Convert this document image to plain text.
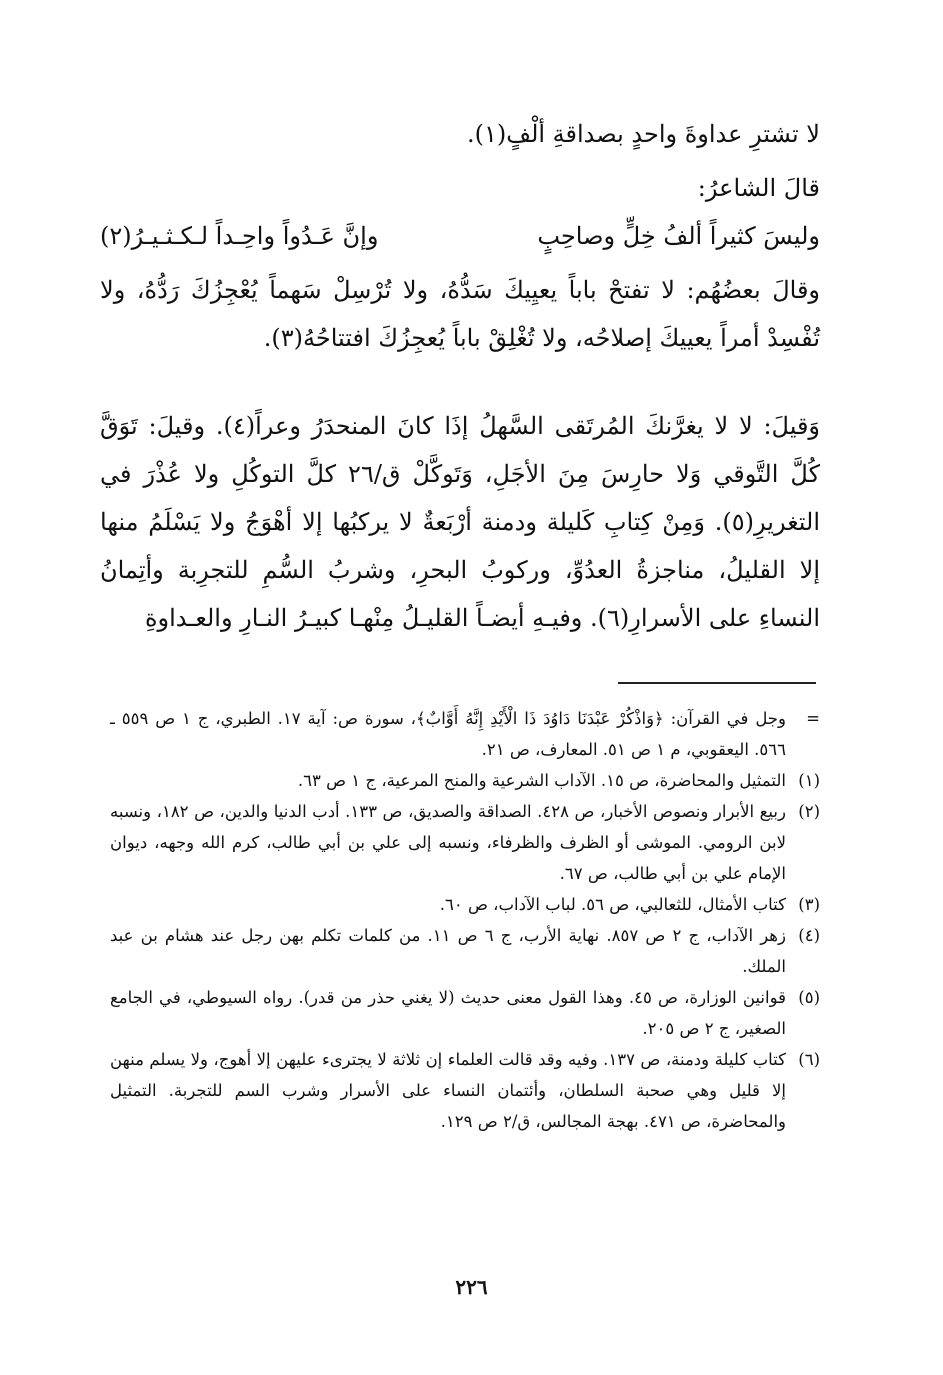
لا تشترِ عداوةَ واحدٍ بصداقةِ ألْفٍ(١).

قالَ الشاعرُ:

وليسَ كثيراً ألفُ خِلٍّ وصاحِبٍ
وإنَّ عَـدُواً واحِـداً لـكـثـيـرُ(٢)

وقالَ بعضُهُم: لا تفتحْ باباً يعيِيكَ سَدُّهُ، ولا تُرْسِلْ سَهماً يُعْجِزُكَ رَدُّهُ، ولا تُفْسِدْ أمراً يعييكَ إصلاحُه، ولا تُغْلِقْ باباً يُعجِزُكَ افتتاحُهُ(٣).

وَقيلَ: لا لا يغرَّنكَ المُرتَقى السَّهلُ إذَا كانَ المنحدَرُ وعراً(٤). وقيلَ: تَوَقَّ كُلَّ التَّوقي وَلا حارِسَ مِنَ الأجَلِ، وَتَوكَّلْ ق/٢٦ كلَّ التوكُلِ ولا عُذْرَ في التغريرِ(٥). وَمِنْ كِتابِ كَليلة ودمنة أرْبَعةٌ لا يركبُها إلا أهْوَجُ ولا يَسْلَمُ منها إلا القليلُ، مناجزةُ العدُوِّ، وركوبُ البحرِ، وشربُ السُّمِ للتجرِبة وأتِمانُ النساءِ على الأسرارِ(٦). وفيـهِ أيضـاً القليـلُ مِنْهـا كبيـرُ النـارِ والعـداوةِ

=
وجل في القرآن: ﴿وَاذْكُرْ عَبْدَنَا دَاوُدَ ذَا الْأَيْدِ إِنَّهُ أَوَّابٌ﴾، سورة ص: آية ١٧. الطبري، ج ١ ص ٥٥٩ ـ ٥٦٦. اليعقوبي، م ١ ص ٥١. المعارف، ص ٢١.
(١)
التمثيل والمحاضرة، ص ١٥. الآداب الشرعية والمنح المرعية، ج ١ ص ٦٣.
(٢)
ربيع الأبرار ونصوص الأخبار، ص ٤٢٨. الصداقة والصديق، ص ١٣٣. أدب الدنيا والدين، ص ١٨٢، ونسبه لابن الرومي. الموشى أو الظرف والظرفاء، ونسبه إلى علي بن أبي طالب، كرم الله وجهه، ديوان الإمام علي بن أبي طالب، ص ٦٧.
(٣)
كتاب الأمثال، للثعالبي، ص ٥٦. لباب الآداب، ص ٦٠.
(٤)
زهر الآداب، ج ٢ ص ٨٥٧. نهاية الأرب، ج ٦ ص ١١. من كلمات تكلم بهن رجل عند هشام بن عبد الملك.
(٥)
قوانين الوزارة، ص ٤٥. وهذا القول معنى حديث (لا يغني حذر من قدر). رواه السيوطي، في الجامع الصغير، ج ٢ ص ٢٠٥.
(٦)
كتاب كليلة ودمنة، ص ١٣٧. وفيه وقد قالت العلماء إن ثلاثة لا يجترىء عليهن إلا أهوج، ولا يسلم منهن إلا قليل وهي صحبة السلطان، وأئتمان النساء على الأسرار وشرب السم للتجربة. التمثيل والمحاضرة، ص ٤٧١. بهجة المجالس، ق/٢ ص ١٢٩.
٢٢٦
